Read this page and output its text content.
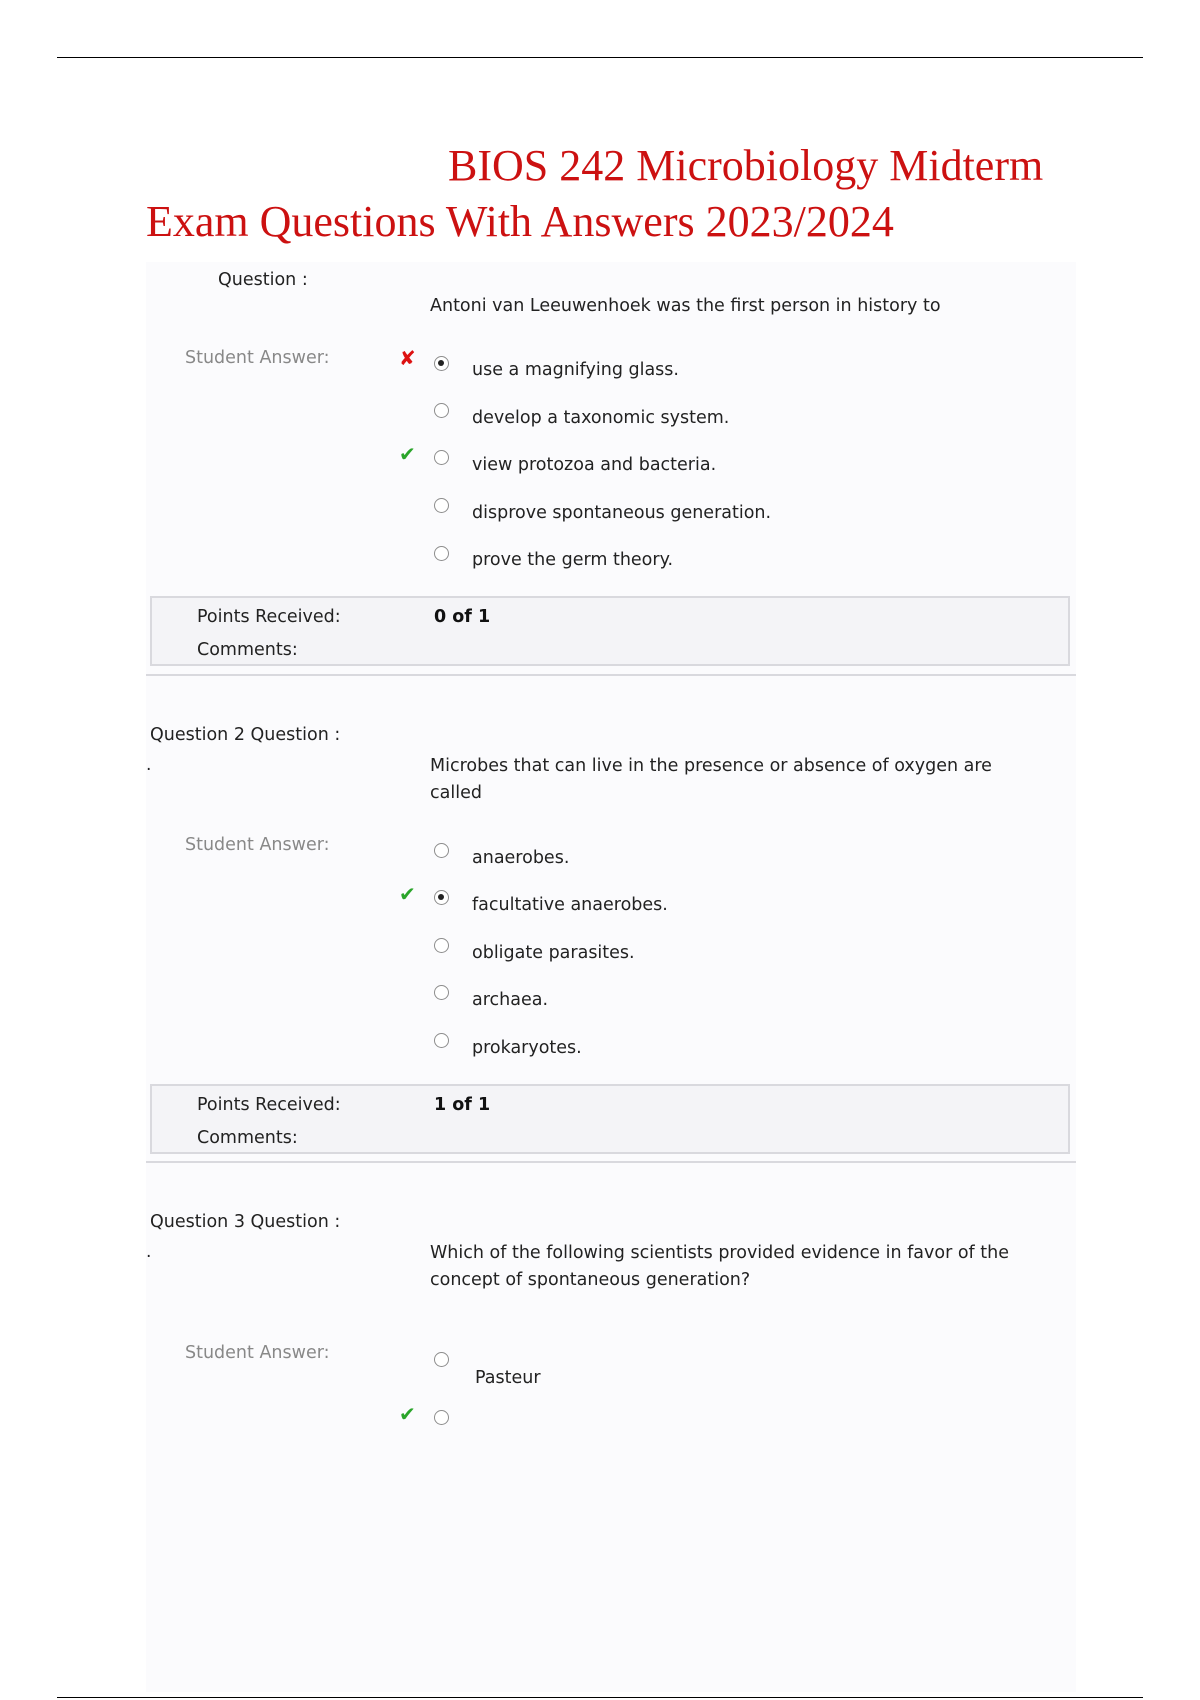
BIOS 242 Microbiology Midterm
Exam Questions With Answers 2023/2024
Question :
Antoni van Leeuwenhoek was the first person in history to
Student Answer:	✘	use a magnifying glass.
develop a taxonomic system.
✔	view protozoa and bacteria.
disprove spontaneous generation.
prove the germ theory.
Points Received:	0 of 1
Comments:
Question 2 Question :
.	Microbes that can live in the presence or absence of oxygen are called
Student Answer:
anaerobes.
✔	facultative anaerobes.
obligate parasites.
archaea.
prokaryotes.
Points Received:	1 of 1
Comments:
Question 3 Question :
.	Which of the following scientists provided evidence in favor of the concept of spontaneous generation?
Student Answer:
Pasteur
✔
